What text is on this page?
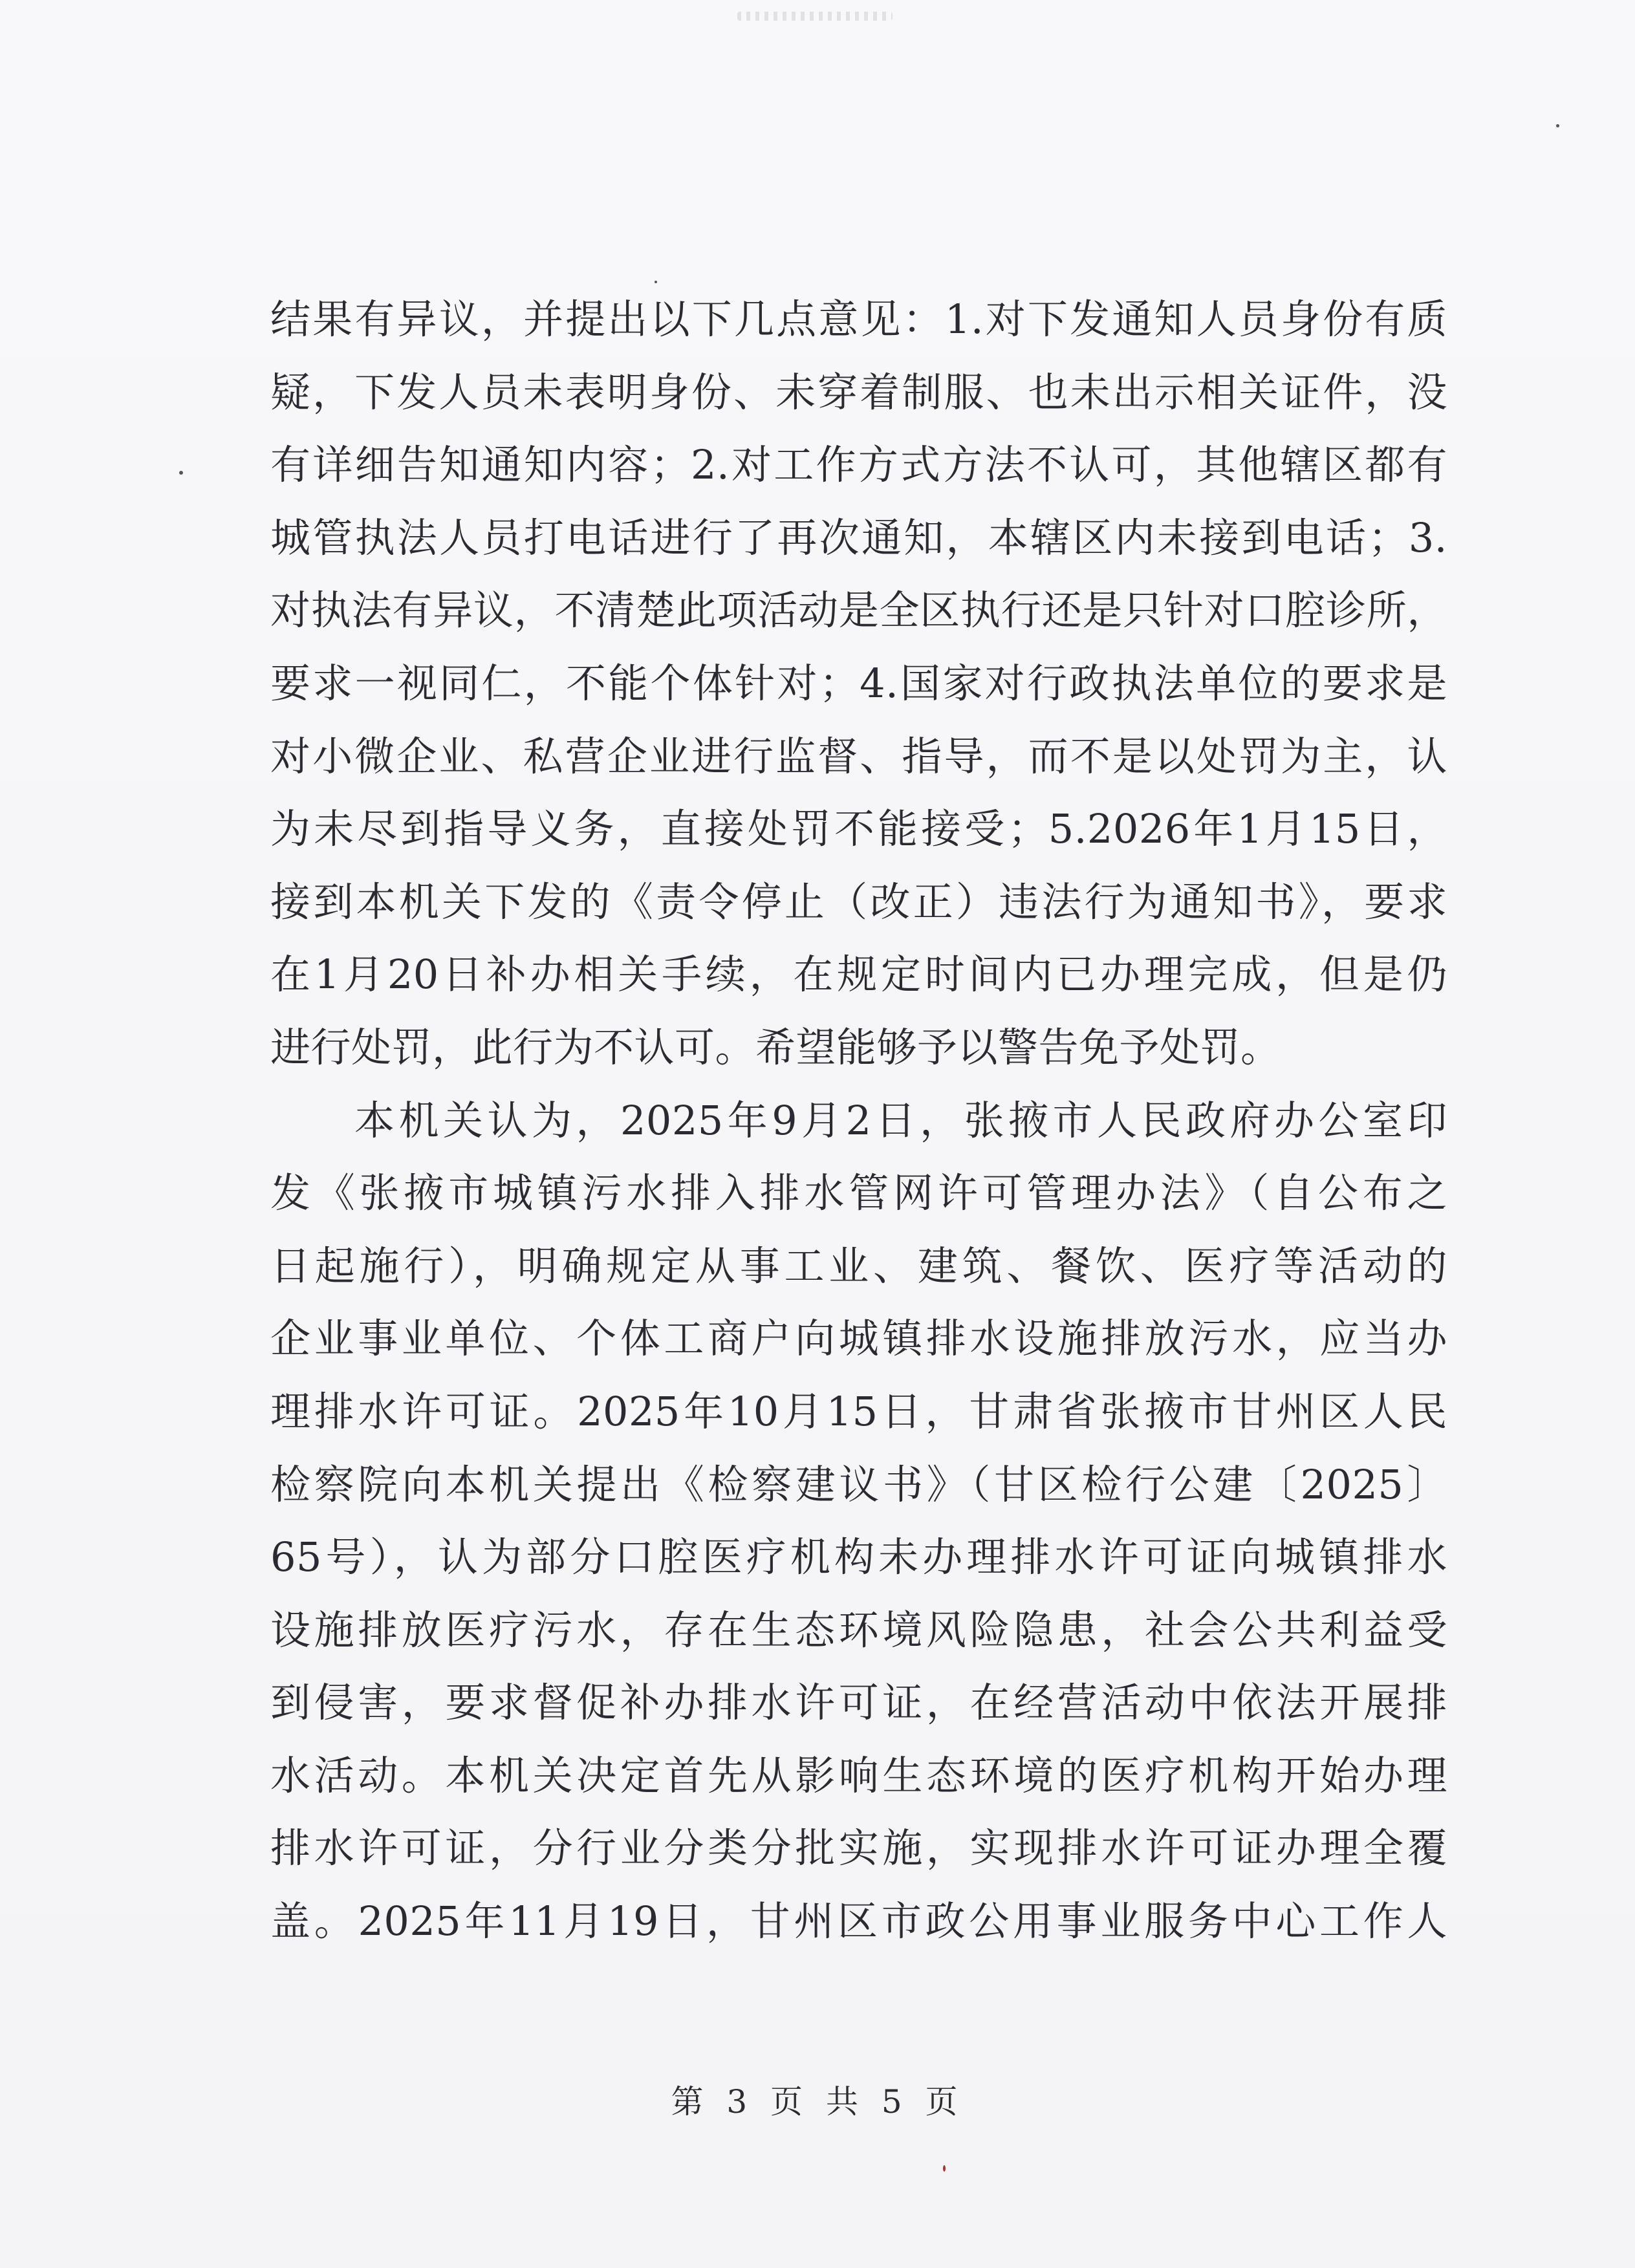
结果有异议，并提出以下几点意见：1.对下发通知人员身份有质
疑，下发人员未表明身份、未穿着制服、也未出示相关证件，没
有详细告知通知内容；2.对工作方式方法不认可，其他辖区都有
城管执法人员打电话进行了再次通知，本辖区内未接到电话；3.
对执法有异议，不清楚此项活动是全区执行还是只针对口腔诊所，
要求一视同仁，不能个体针对；4.国家对行政执法单位的要求是
对小微企业、私营企业进行监督、指导，而不是以处罚为主，认
为未尽到指导义务，直接处罚不能接受；5.2026年1月15日，
接到本机关下发的《责令停止（改正）违法行为通知书》，要求
在1月20日补办相关手续，在规定时间内已办理完成，但是仍
进行处罚，此行为不认可。希望能够予以警告免予处罚。
本机关认为，2025年9月2日，张掖市人民政府办公室印
发《张掖市城镇污水排入排水管网许可管理办法》（自公布之
日起施行），明确规定从事工业、建筑、餐饮、医疗等活动的
企业事业单位、个体工商户向城镇排水设施排放污水，应当办
理排水许可证。2025年10月15日，甘肃省张掖市甘州区人民
检察院向本机关提出《检察建议书》（甘区检行公建〔2025〕
65号），认为部分口腔医疗机构未办理排水许可证向城镇排水
设施排放医疗污水，存在生态环境风险隐患，社会公共利益受
到侵害，要求督促补办排水许可证，在经营活动中依法开展排
水活动。本机关决定首先从影响生态环境的医疗机构开始办理
排水许可证，分行业分类分批实施，实现排水许可证办理全覆
盖。2025年11月19日，甘州区市政公用事业服务中心工作人
第 3 页 共 5 页
